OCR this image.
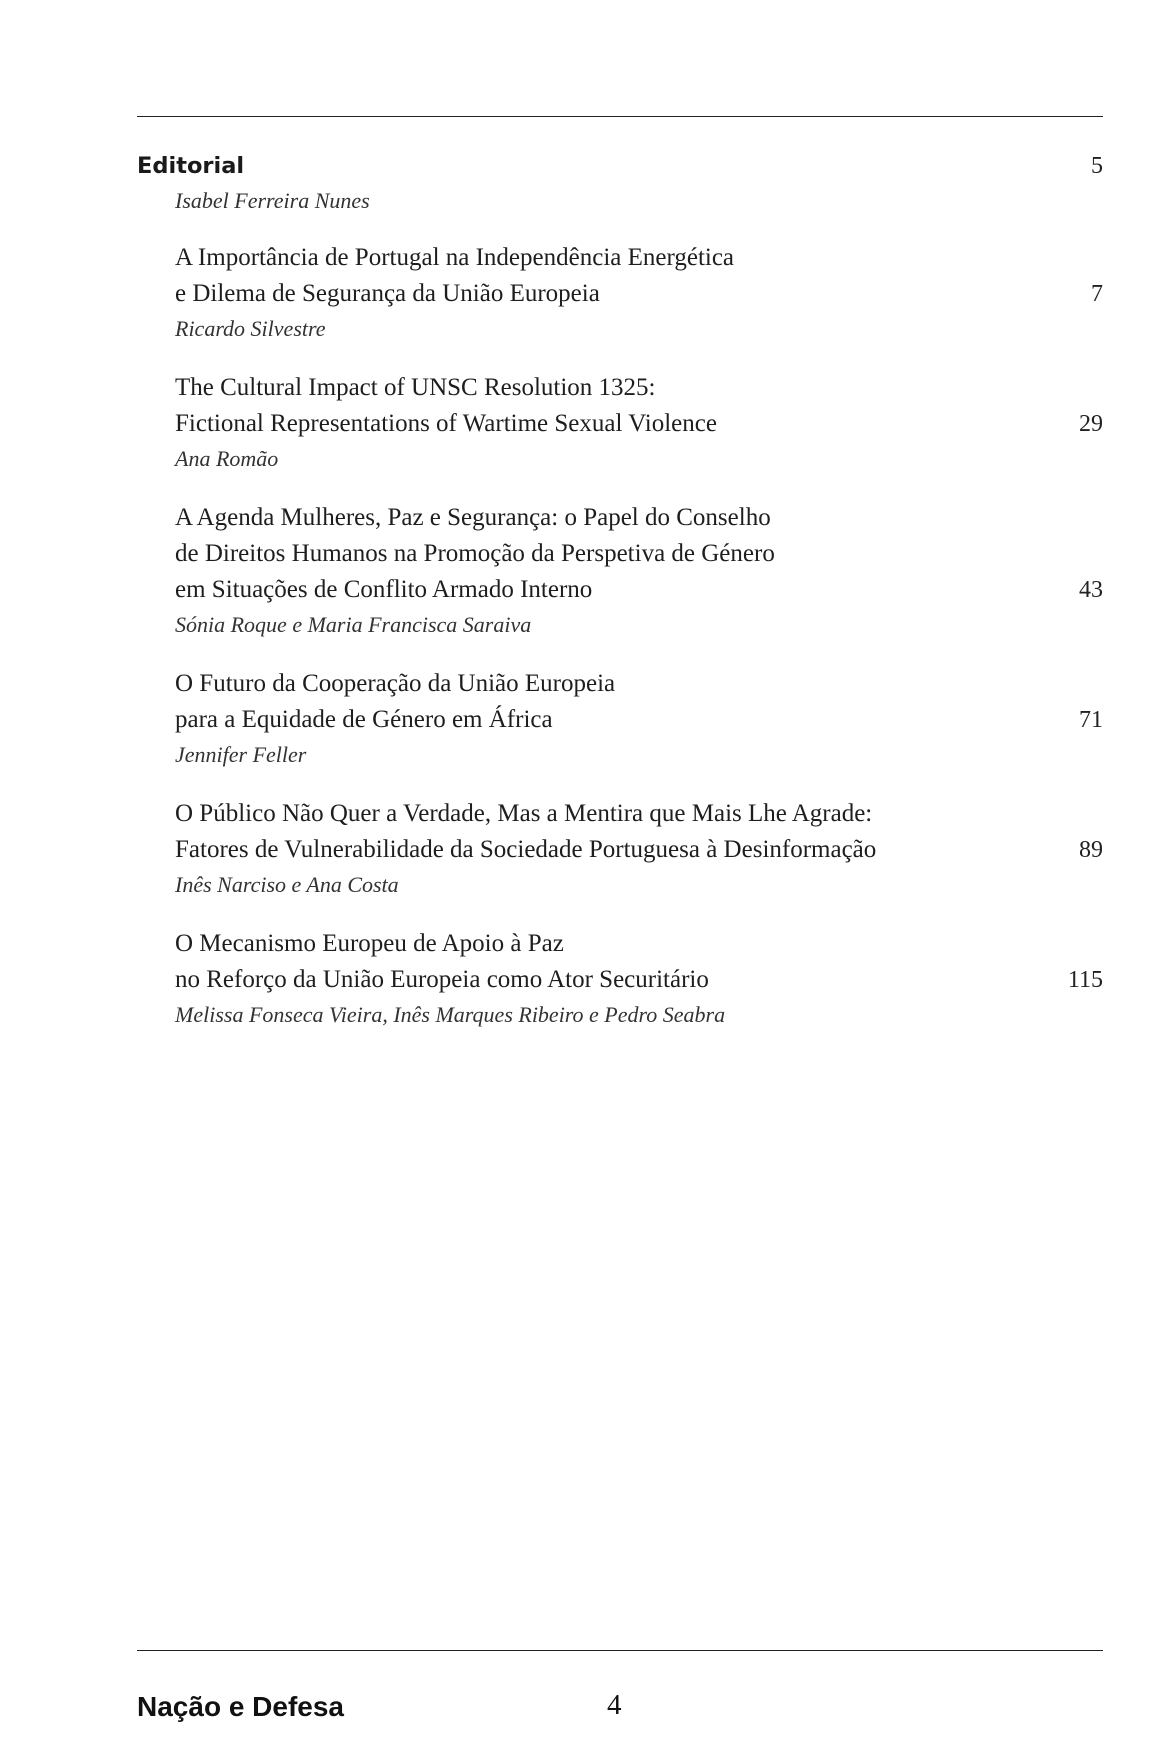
5
Editorial
Isabel Ferreira Nunes
7
A Importância de Portugal na Independência Energética
e Dilema de Segurança da União Europeia
Ricardo Silvestre
29
The Cultural Impact of UNSC Resolution 1325:
Fictional Representations of Wartime Sexual Violence
Ana Romão
43
A Agenda Mulheres, Paz e Segurança: o Papel do Conselho
de Direitos Humanos na Promoção da Perspetiva de Género
em Situações de Conflito Armado Interno
Sónia Roque e Maria Francisca Saraiva
71
O Futuro da Cooperação da União Europeia
para a Equidade de Género em África
Jennifer Feller
89
O Público Não Quer a Verdade, Mas a Mentira que Mais Lhe Agrade:
Fatores de Vulnerabilidade da Sociedade Portuguesa à Desinformação
Inês Narciso e Ana Costa
115
O Mecanismo Europeu de Apoio à Paz
no Reforço da União Europeia como Ator Securitário
Melissa Fonseca Vieira, Inês Marques Ribeiro e Pedro Seabra
Nação e Defesa	4
